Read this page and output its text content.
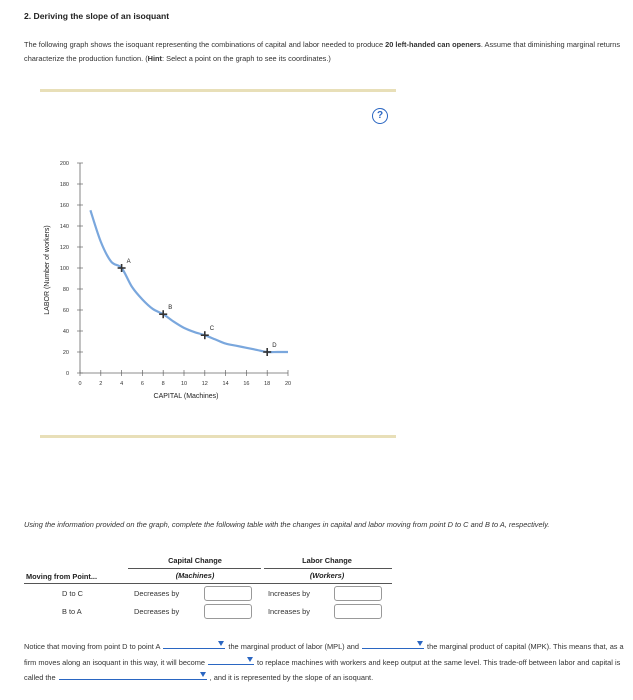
2. Deriving the slope of an isoquant
The following graph shows the isoquant representing the combinations of capital and labor needed to produce 20 left-handed can openers. Assume that diminishing marginal returns characterize the production function. (Hint: Select a point on the graph to see its coordinates.)
?
0	2	4	6	8	10	12	14	16	18	20
0
20
40
60
80
100
120
140
160
180
200
A
B
C
D
CAPITAL (Machines)
LABOR (Number of workers)
Using the information provided on the graph, complete the following table with the changes in capital and labor moving from point D to C and B to A, respectively.
Capital Change	Labor Change
(Machines)	(Workers)
Moving from Point...
D to C	Decreases by	Increases by
B to A	Decreases by	Increases by
Notice that moving from point D to point A	the marginal product of labor (MPL) and	the marginal product of capital (MPK). This means that, as a firm moves along an isoquant in this way, it will become	to replace machines with workers and keep output at the same level. This trade-off between labor and capital is called the	, and it is represented by the slope of an isoquant.
